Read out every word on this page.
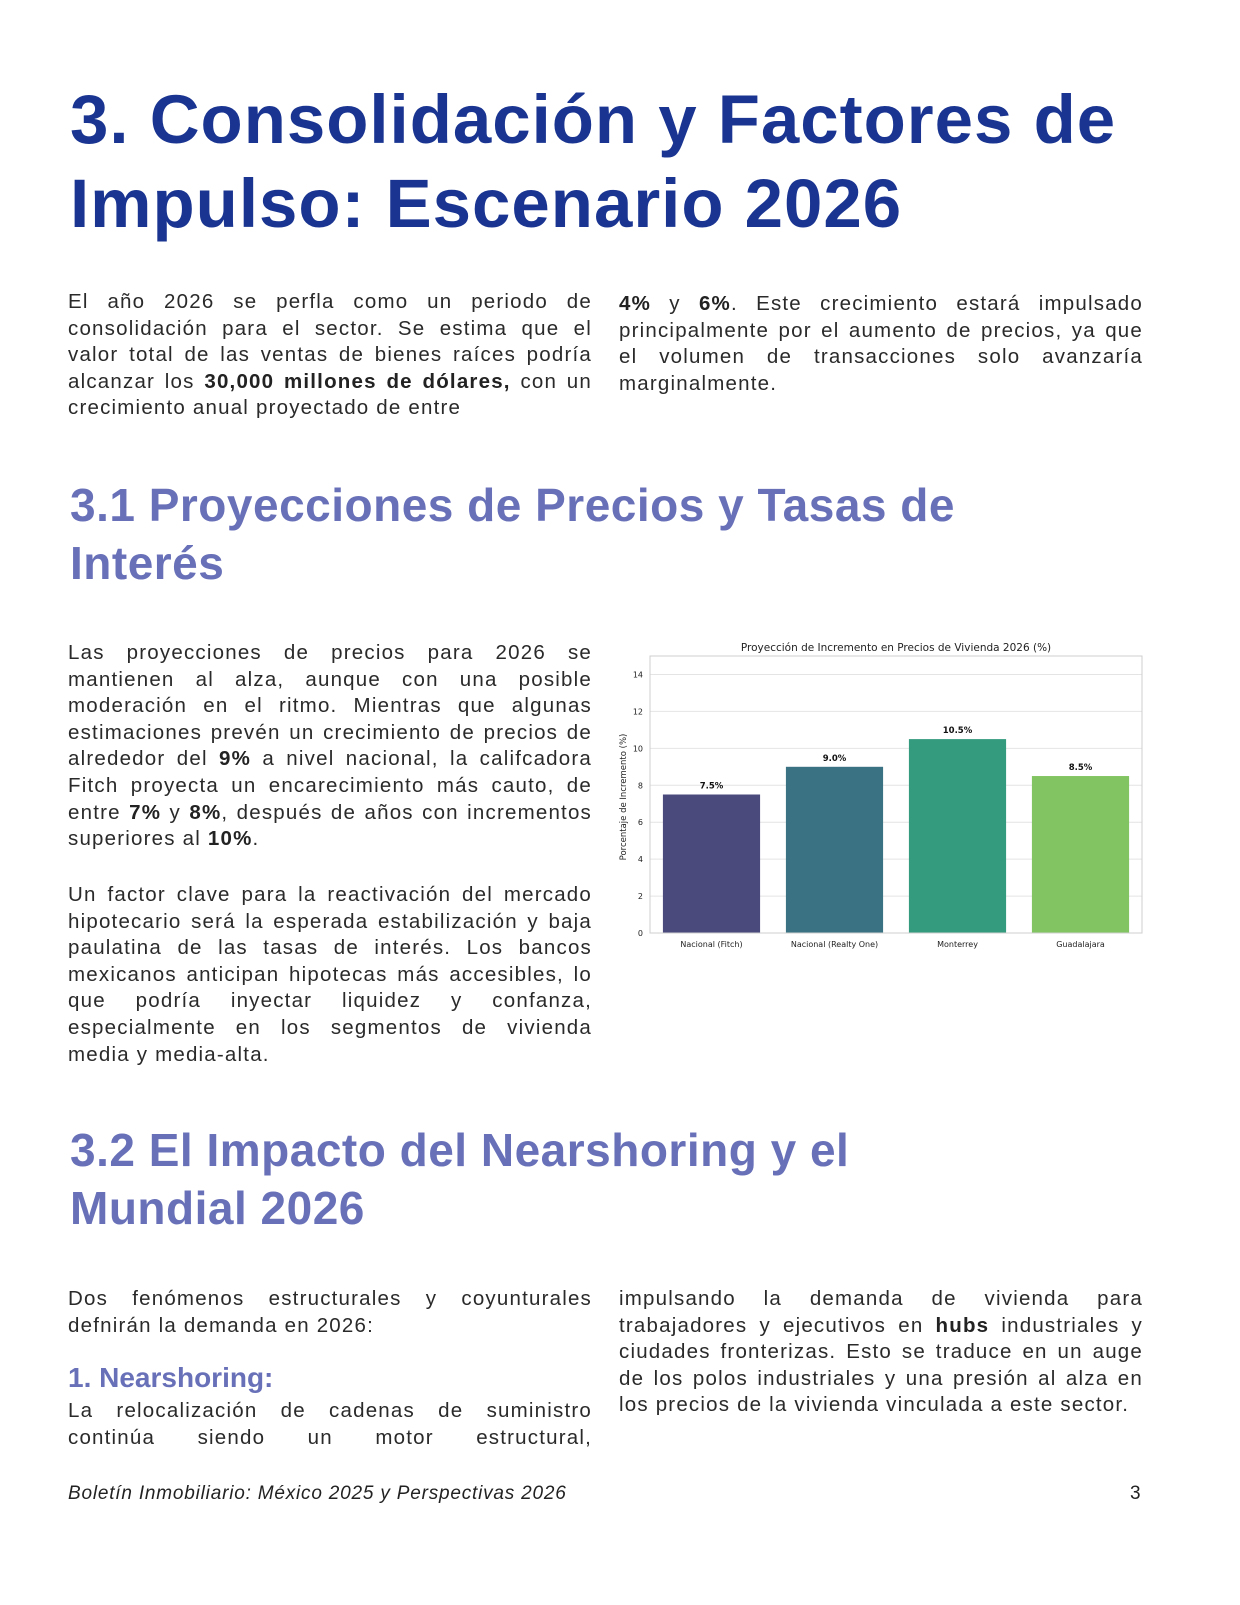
3. Consolidación y Factores de Impulso: Escenario 2026
El año 2026 se perfla como un periodo de consolidación para el sector. Se estima que el valor total de las ventas de bienes raíces podría alcanzar los 30,000 millones de dólares, con un crecimiento anual proyectado de entre
4% y 6%. Este crecimiento estará impulsado principalmente por el aumento de precios, ya que el volumen de transacciones solo avanzaría marginalmente.
3.1 Proyecciones de Precios y Tasas de Interés
Las proyecciones de precios para 2026 se mantienen al alza, aunque con una posible moderación en el ritmo. Mientras que algunas estimaciones prevén un crecimiento de precios de alrededor del 9% a nivel nacional, la califcadora Fitch proyecta un encarecimiento más cauto, de entre 7% y 8%, después de años con incrementos superiores al 10%.
Un factor clave para la reactivación del mercado hipotecario será la esperada estabilización y baja paulatina de las tasas de interés. Los bancos mexicanos anticipan hipotecas más accesibles, lo que podría inyectar liquidez y confanza, especialmente en los segmentos de vivienda media y media-alta.
7.5%
9.0%
10.5%
8.5%
0
2
4
6
8
10
12
14
Nacional (Fitch)	Nacional (Realty One)	Monterrey	Guadalajara
Proyección de Incremento en Precios de Vivienda 2026 (%)
Porcentaje de Incremento (%)
3.2 El Impacto del Nearshoring y el Mundial 2026
Dos fenómenos estructurales y coyunturales defnirán la demanda en 2026:
1. Nearshoring:
La relocalización de cadenas de suministro continúa siendo un motor estructural,
impulsando la demanda de vivienda para trabajadores y ejecutivos en hubs industriales y ciudades fronterizas. Esto se traduce en un auge de los polos industriales y una presión al alza en los precios de la vivienda vinculada a este sector.
Boletín Inmobiliario: México 2025 y Perspectivas 2026	3
